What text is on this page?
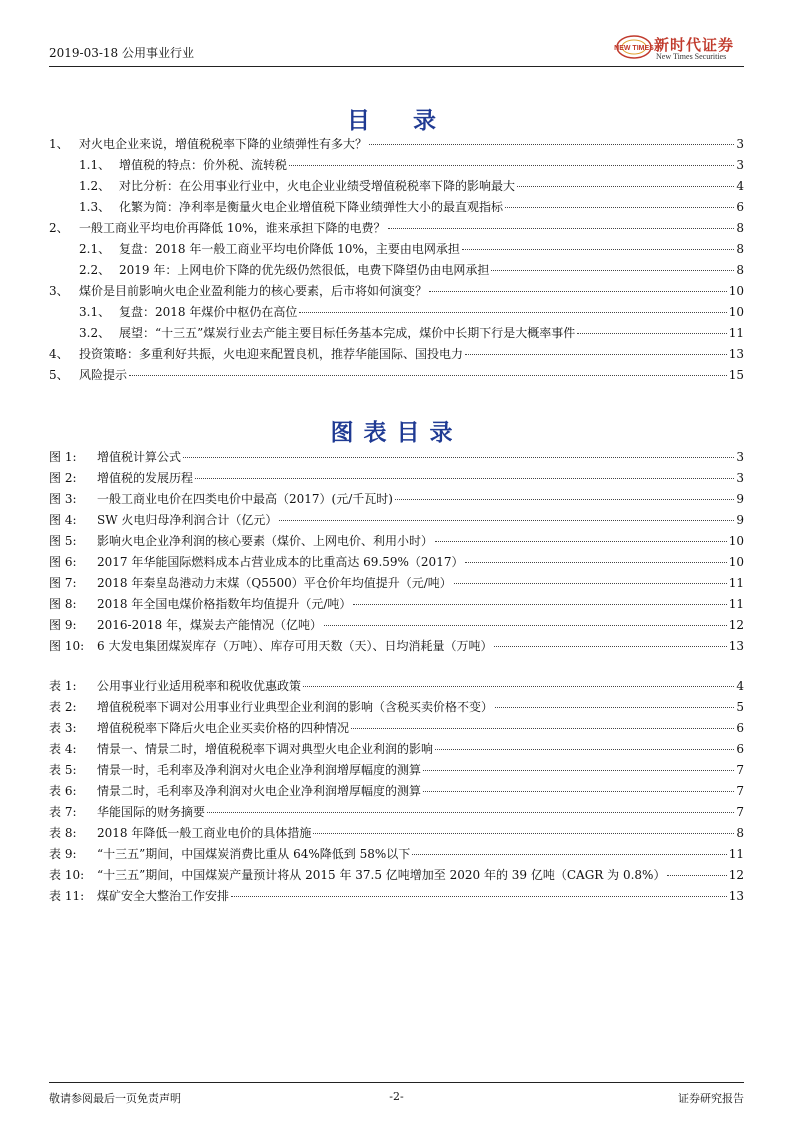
2019-03-18 公用事业行业	NEW TIMES 新时代证券
New Times Securities
目　录
1、 对火电企业来说，增值税税率下降的业绩弹性有多大？	3
1.1、 增值税的特点：价外税、流转税	3
1.2、 对比分析：在公用事业行业中，火电企业业绩受增值税税率下降的影响最大	4
1.3、 化繁为简：净利率是衡量火电企业增值税下降业绩弹性大小的最直观指标	6
2、 一般工商业平均电价再降低 10%，谁来承担下降的电费？	8
2.1、 复盘：2018 年一般工商业平均电价降低 10%，主要由电网承担	8
2.2、 2019 年：上网电价下降的优先级仍然很低，电费下降望仍由电网承担	8
3、 煤价是目前影响火电企业盈利能力的核心要素，后市将如何演变？	10
3.1、 复盘：2018 年煤价中枢仍在高位	10
3.2、 展望：“十三五”煤炭行业去产能主要目标任务基本完成，煤价中长期下行是大概率事件	11
4、 投资策略：多重利好共振，火电迎来配置良机，推荐华能国际、国投电力	13
5、 风险提示	15
图表目录
图 1:	增值税计算公式	3
图 2:	增值税的发展历程	3
图 3:	一般工商业电价在四类电价中最高（2017）(元/千瓦时)	9
图 4:	SW 火电归母净利润合计（亿元）	9
图 5:	影响火电企业净利润的核心要素（煤价、上网电价、利用小时）	10
图 6:	2017 年华能国际燃料成本占营业成本的比重高达 69.59%（2017）	10
图 7:	2018 年秦皇岛港动力末煤（Q5500）平仓价年均值提升（元/吨）	11
图 8:	2018 年全国电煤价格指数年均值提升（元/吨）	11
图 9:	2016-2018 年，煤炭去产能情况（亿吨）	12
图 10:	6 大发电集团煤炭库存（万吨）、库存可用天数（天）、日均消耗量（万吨）	13
表 1:	公用事业行业适用税率和税收优惠政策	4
表 2:	增值税税率下调对公用事业行业典型企业利润的影响（含税买卖价格不变）	5
表 3:	增值税税率下降后火电企业买卖价格的四种情况	6
表 4:	情景一、情景二时，增值税税率下调对典型火电企业利润的影响	6
表 5:	情景一时，毛利率及净利润对火电企业净利润增厚幅度的测算	7
表 6:	情景二时，毛利率及净利润对火电企业净利润增厚幅度的测算	7
表 7:	华能国际的财务摘要	7
表 8:	2018 年降低一般工商业电价的具体措施	8
表 9:	“十三五”期间，中国煤炭消费比重从 64%降低到 58%以下	11
表 10:	“十三五”期间，中国煤炭产量预计将从 2015 年 37.5 亿吨增加至 2020 年的 39 亿吨（CAGR 为 0.8%）	12
表 11:	煤矿安全大整治工作安排	13
敬请参阅最后一页免责声明	-2-	证券研究报告
